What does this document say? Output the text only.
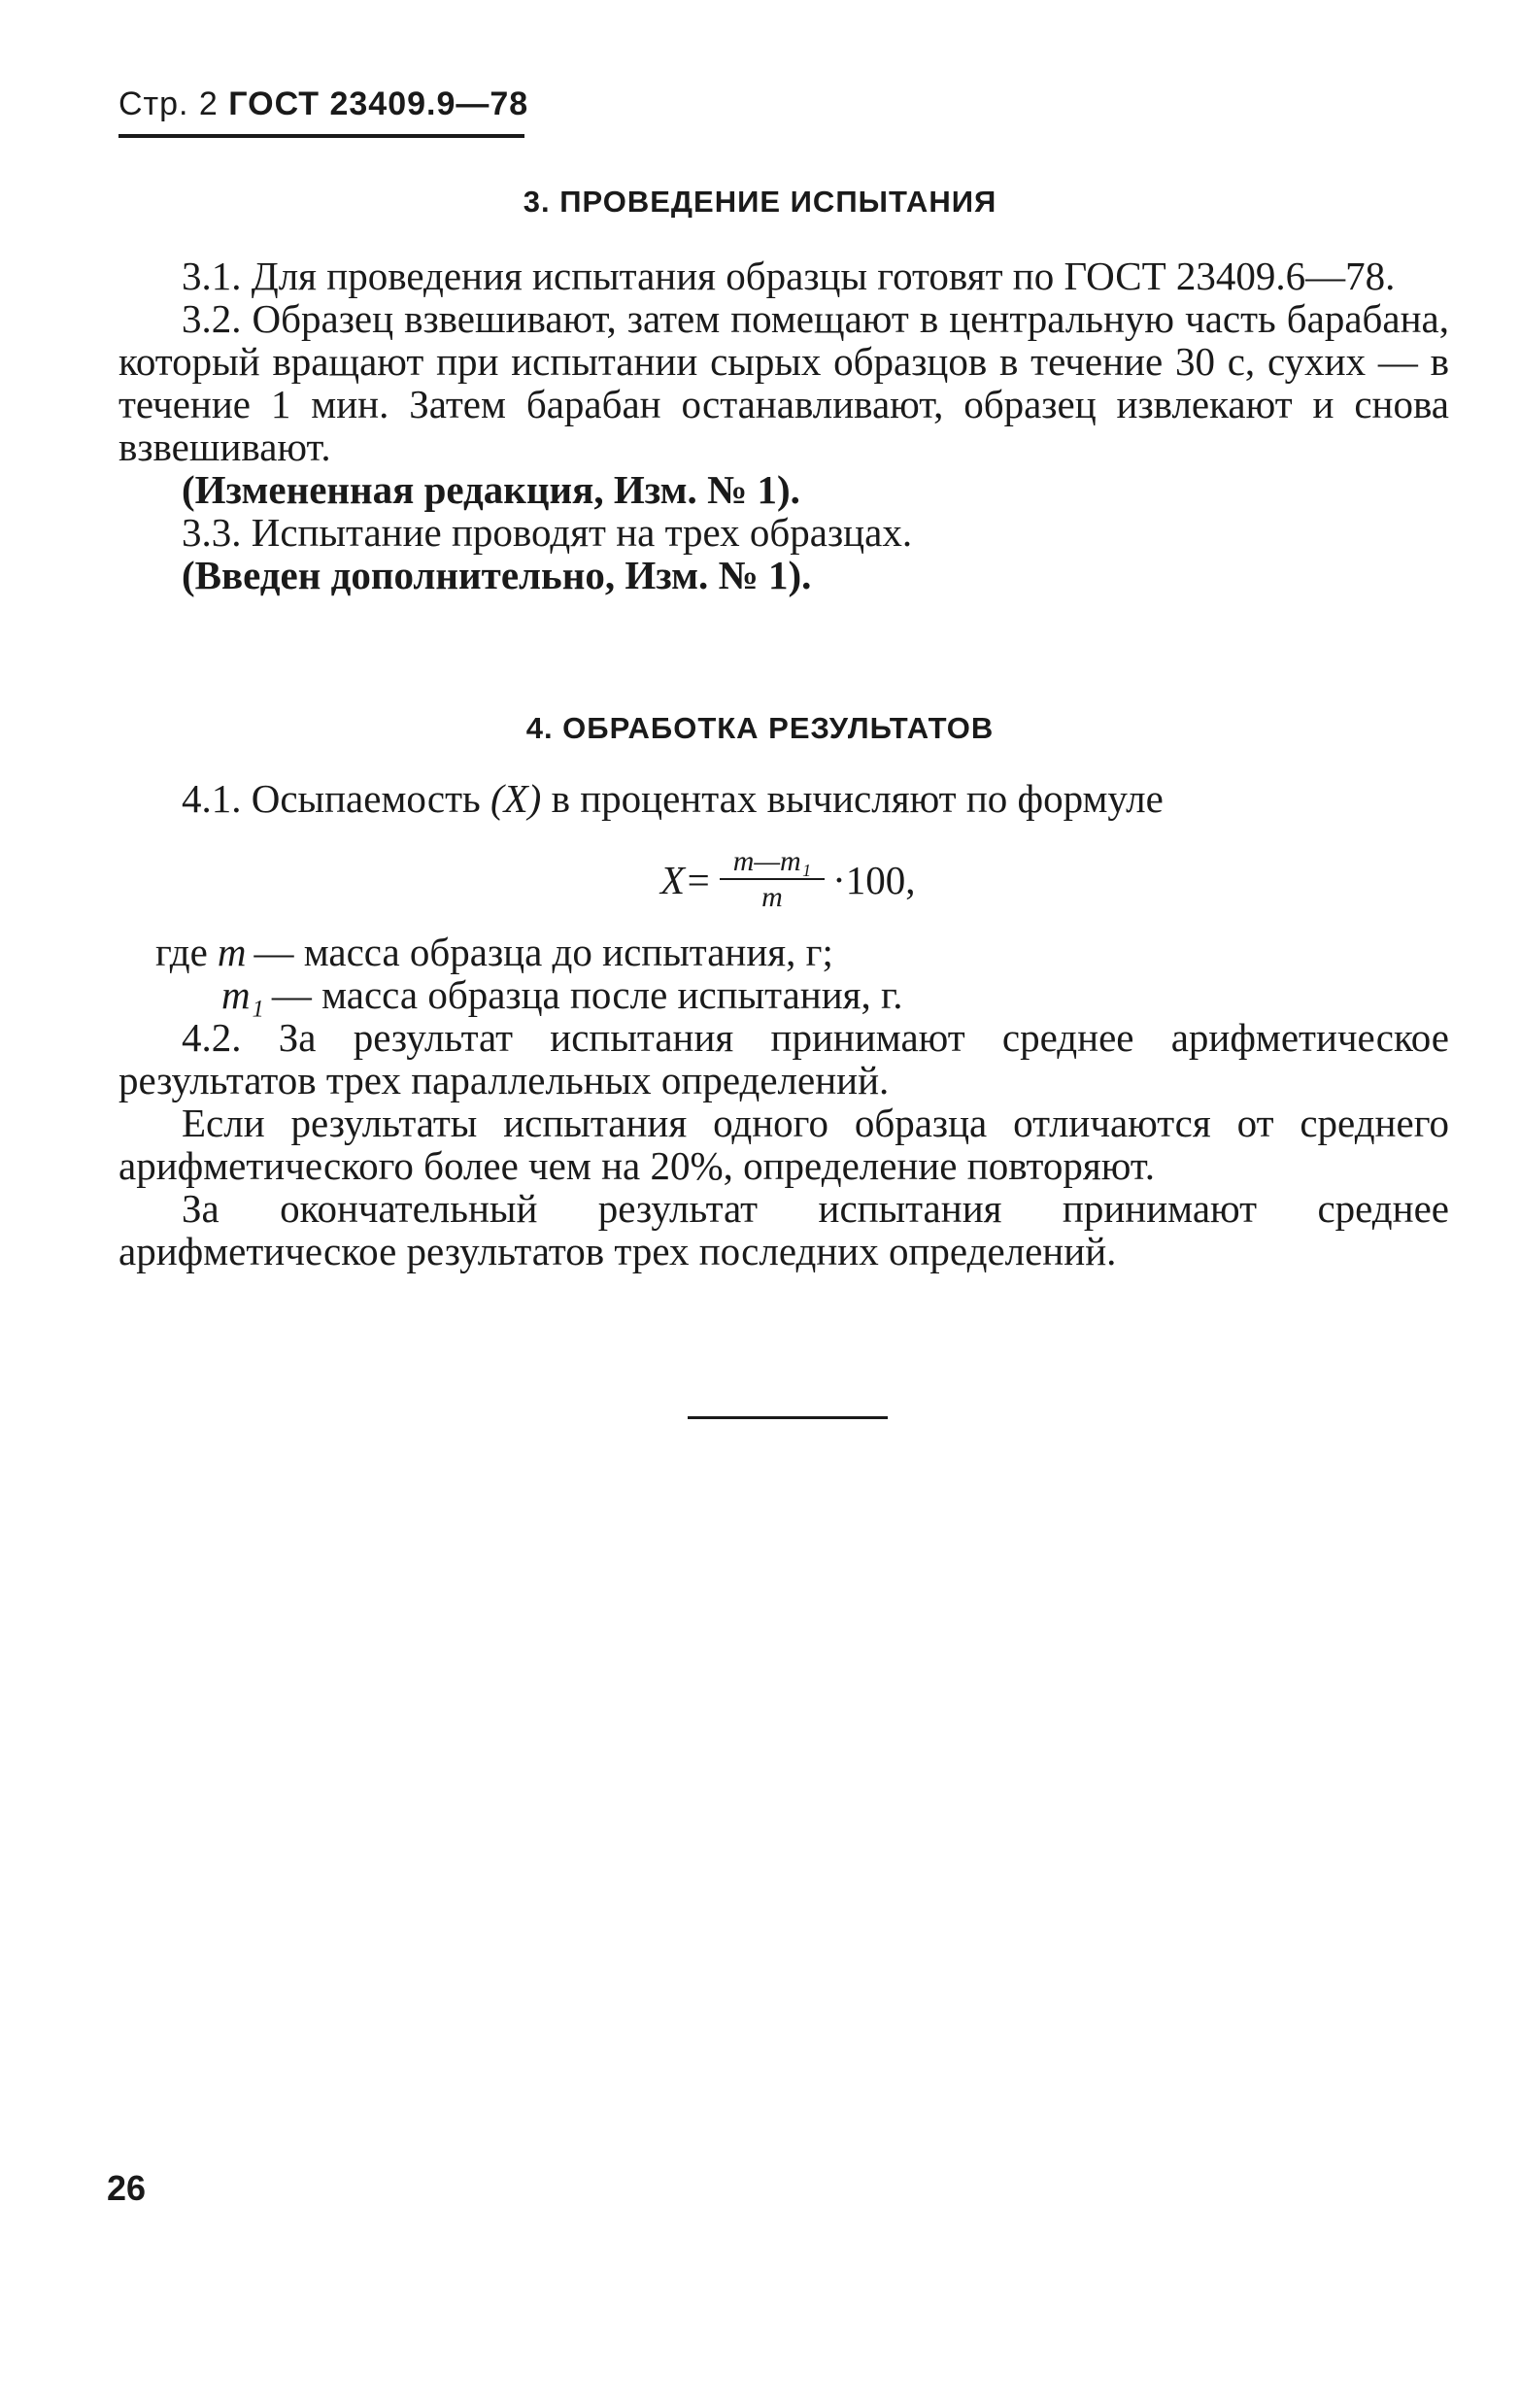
Стр. 2 ГОСТ 23409.9—78
3. ПРОВЕДЕНИЕ ИСПЫТАНИЯ
3.1. Для проведения испытания образцы готовят по ГОСТ 23409.6—78.
3.2. Образец взвешивают, затем помещают в центральную часть барабана, который вращают при испытании сырых образцов в течение 30 с, сухих — в течение 1 мин. Затем барабан останавливают, образец извлекают и снова взвешивают.
(Измененная редакция, Изм. № 1).
3.3. Испытание проводят на трех образцах.
(Введен дополнительно, Изм. № 1).
4. ОБРАБОТКА РЕЗУЛЬТАТОВ
4.1. Осыпаемость (X) в процентах вычисляют по формуле
$X= \frac{\text{m—m₁}}{m} \cdot 100$,
где m — масса образца до испытания, г;
m₁ — масса образца после испытания, г.
4.2. За результат испытания принимают среднее арифметическое результатов трех параллельных определений.
Если результаты испытания одного образца отличаются от среднего арифметического более чем на 20%, определение повторяют.
За окончательный результат испытания принимают среднее арифметическое результатов трех последних определений.
26
